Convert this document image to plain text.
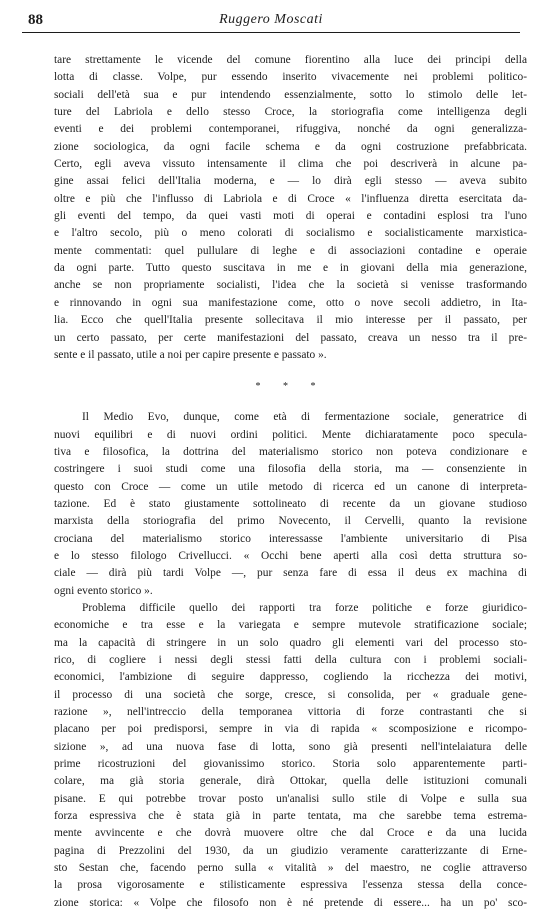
88	Ruggero Moscati
tare strettamente le vicende del comune fiorentino alla luce dei principi della
lotta di classe. Volpe, pur essendo inserito vivacemente nei problemi politico-
sociali dell'età sua e pur intendendo essenzialmente, sotto lo stimolo delle let-
ture del Labriola e dello stesso Croce, la storiografia come intelligenza degli
eventi e dei problemi contemporanei, rifuggiva, nonché da ogni generalizza-
zione sociologica, da ogni facile schema e da ogni costruzione prefabbricata.
Certo, egli aveva vissuto intensamente il clima che poi descriverà in alcune pa-
gine assai felici dell'Italia moderna, e — lo dirà egli stesso — aveva subito
oltre e più che l'influsso di Labriola e di Croce « l'influenza diretta esercitata da-
gli eventi del tempo, da quei vasti moti di operai e contadini esplosi tra l'uno
e l'altro secolo, più o meno colorati di socialismo e socialisticamente marxistica-
mente commentati: quel pullulare di leghe e di associazioni contadine e operaie
da ogni parte. Tutto questo suscitava in me e in giovani della mia generazione,
anche se non propriamente socialisti, l'idea che la società si venisse trasformando
e rinnovando in ogni sua manifestazione come, otto o nove secoli addietro, in Ita-
lia. Ecco che quell'Italia presente sollecitava il mio interesse per il passato, per
un certo passato, per certe manifestazioni del passato, creava un nesso tra il pre-
sente e il passato, utile a noi per capire presente e passato ».
* * *
Il Medio Evo, dunque, come età di fermentazione sociale, generatrice di
nuovi equilibri e di nuovi ordini politici. Mente dichiaratamente poco specula-
tiva e filosofica, la dottrina del materialismo storico non poteva condizionare e
costringere i suoi studi come una filosofia della storia, ma — consenziente in
questo con Croce — come un utile metodo di ricerca ed un canone di interpreta-
tazione. Ed è stato giustamente sottolineato di recente da un giovane studioso
marxista della storiografia del primo Novecento, il Cervelli, quanto la revisione
crociana del materialismo storico interessasse l'ambiente universitario di Pisa
e lo stesso filologo Crivellucci. « Occhi bene aperti alla così detta struttura so-
ciale — dirà più tardi Volpe —, pur senza fare di essa il deus ex machina di
ogni evento storico ».
Problema difficile quello dei rapporti tra forze politiche e forze giuridico-
economiche e tra esse e la variegata e sempre mutevole stratificazione sociale;
ma la capacità di stringere in un solo quadro gli elementi vari del processo sto-
rico, di cogliere i nessi degli stessi fatti della cultura con i problemi sociali-
economici, l'ambizione di seguire dappresso, cogliendo la ricchezza dei motivi,
il processo di una società che sorge, cresce, si consolida, per « graduale gene-
razione », nell'intreccio della temporanea vittoria di forze contrastanti che si
placano per poi predisporsi, sempre in via di rapida « scomposizione e ricompo-
sizione », ad una nuova fase di lotta, sono già presenti nell'intelaiatura delle
prime ricostruzioni del giovanissimo storico. Storia solo apparentemente parti-
colare, ma già storia generale, dirà Ottokar, quella delle istituzioni comunali
pisane. E qui potrebbe trovar posto un'analisi sullo stile di Volpe e sulla sua
forza espressiva che è stata già in parte tentata, ma che sarebbe tema estrema-
mente avvincente e che dovrà muovere oltre che dal Croce e da una lucida
pagina di Prezzolini del 1930, da un giudizio veramente caratterizzante di Erne-
sto Sestan che, facendo perno sulla « vitalità » del maestro, ne coglie attraverso
la prosa vigorosamente e stilisticamente espressiva l'essenza stessa della conce-
zione storica: « Volpe che filosofo non è né pretende di essere... ha un po' sco-
